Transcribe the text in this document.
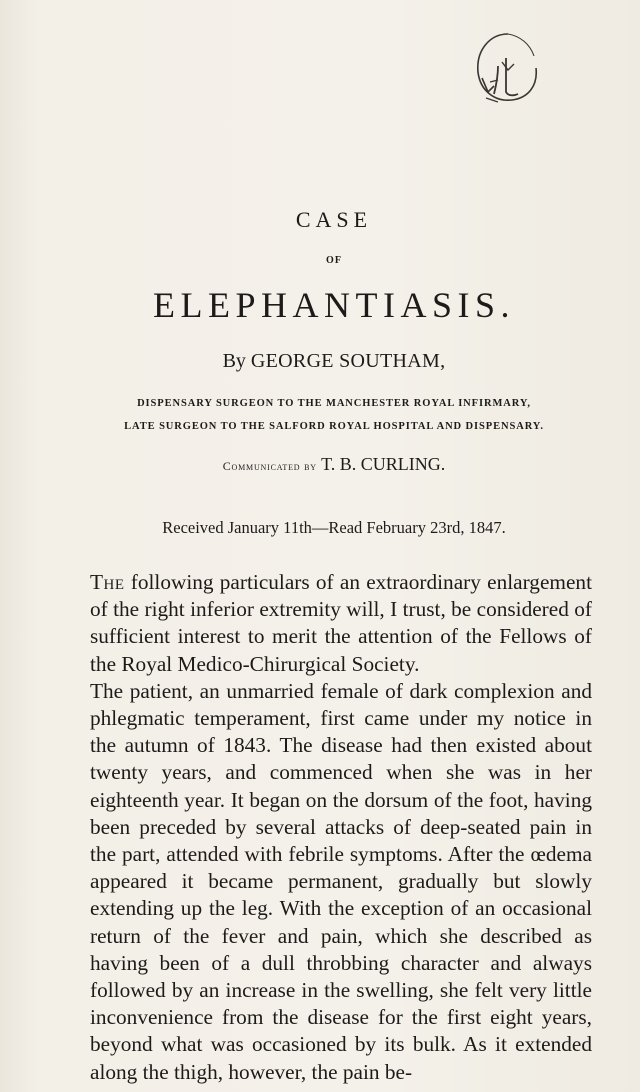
CASE
OF
ELEPHANTIASIS.
By GEORGE SOUTHAM,
DISPENSARY SURGEON TO THE MANCHESTER ROYAL INFIRMARY,
LATE SURGEON TO THE SALFORD ROYAL HOSPITAL AND DISPENSARY.
Communicated by T. B. CURLING.
Received January 11th—Read February 23rd, 1847.

The following particulars of an extraordinary enlargement of the right inferior extremity will, I trust, be considered of sufficient interest to merit the attention of the Fellows of the Royal Medico-Chirurgical Society.

The patient, an unmarried female of dark complexion and phlegmatic temperament, first came under my notice in the autumn of 1843. The disease had then existed about twenty years, and commenced when she was in her eighteenth year. It began on the dorsum of the foot, having been preceded by several attacks of deep-seated pain in the part, attended with febrile symptoms. After the œdema appeared it became permanent, gradually but slowly extending up the leg. With the exception of an occasional return of the fever and pain, which she described as having been of a dull throbbing character and always followed by an increase in the swelling, she felt very little inconvenience from the disease for the first eight years, beyond what was occasioned by its bulk. As it extended along the thigh, however, the pain be-
